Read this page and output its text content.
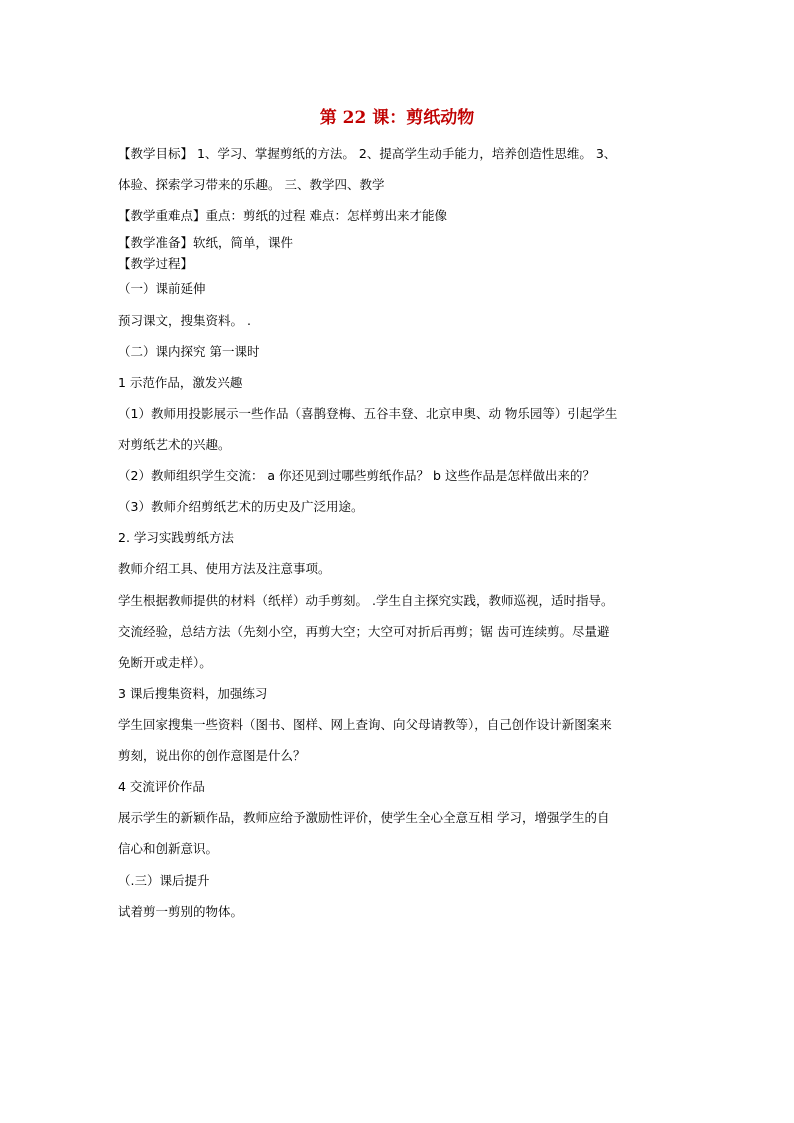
第 22 课：剪纸动物
【教学目标】 1、学习、掌握剪纸的方法。 2、提高学生动手能力，培养创造性思维。 3、
体验、探索学习带来的乐趣。 三、教学四、教学
【教学重难点】重点：剪纸的过程 难点：怎样剪出来才能像
【教学准备】软纸，简单，课件
【教学过程】
（一）课前延伸
预习课文，搜集资料。 .
（二）课内探究 第一课时
1 示范作品，激发兴趣
（1）教师用投影展示一些作品（喜鹊登梅、五谷丰登、北京申奥、动 物乐园等）引起学生
对剪纸艺术的兴趣。
（2）教师组织学生交流： a 你还见到过哪些剪纸作品？ b 这些作品是怎样做出来的？
（3）教师介绍剪纸艺术的历史及广泛用途。
2. 学习实践剪纸方法
教师介绍工具、使用方法及注意事项。
学生根据教师提供的材料（纸样）动手剪刻。 .学生自主探究实践，教师巡视，适时指导。
交流经验，总结方法（先刻小空，再剪大空；大空可对折后再剪；锯 齿可连续剪。尽量避
免断开或走样）。
3 课后搜集资料，加强练习
学生回家搜集一些资料（图书、图样、网上查询、向父母请教等），自己创作设计新图案来
剪刻，说出你的创作意图是什么？
4 交流评价作品
展示学生的新颖作品，教师应给予激励性评价，使学生全心全意互相 学习，增强学生的自
信心和创新意识。
（.三）课后提升
试着剪一剪别的物体。
